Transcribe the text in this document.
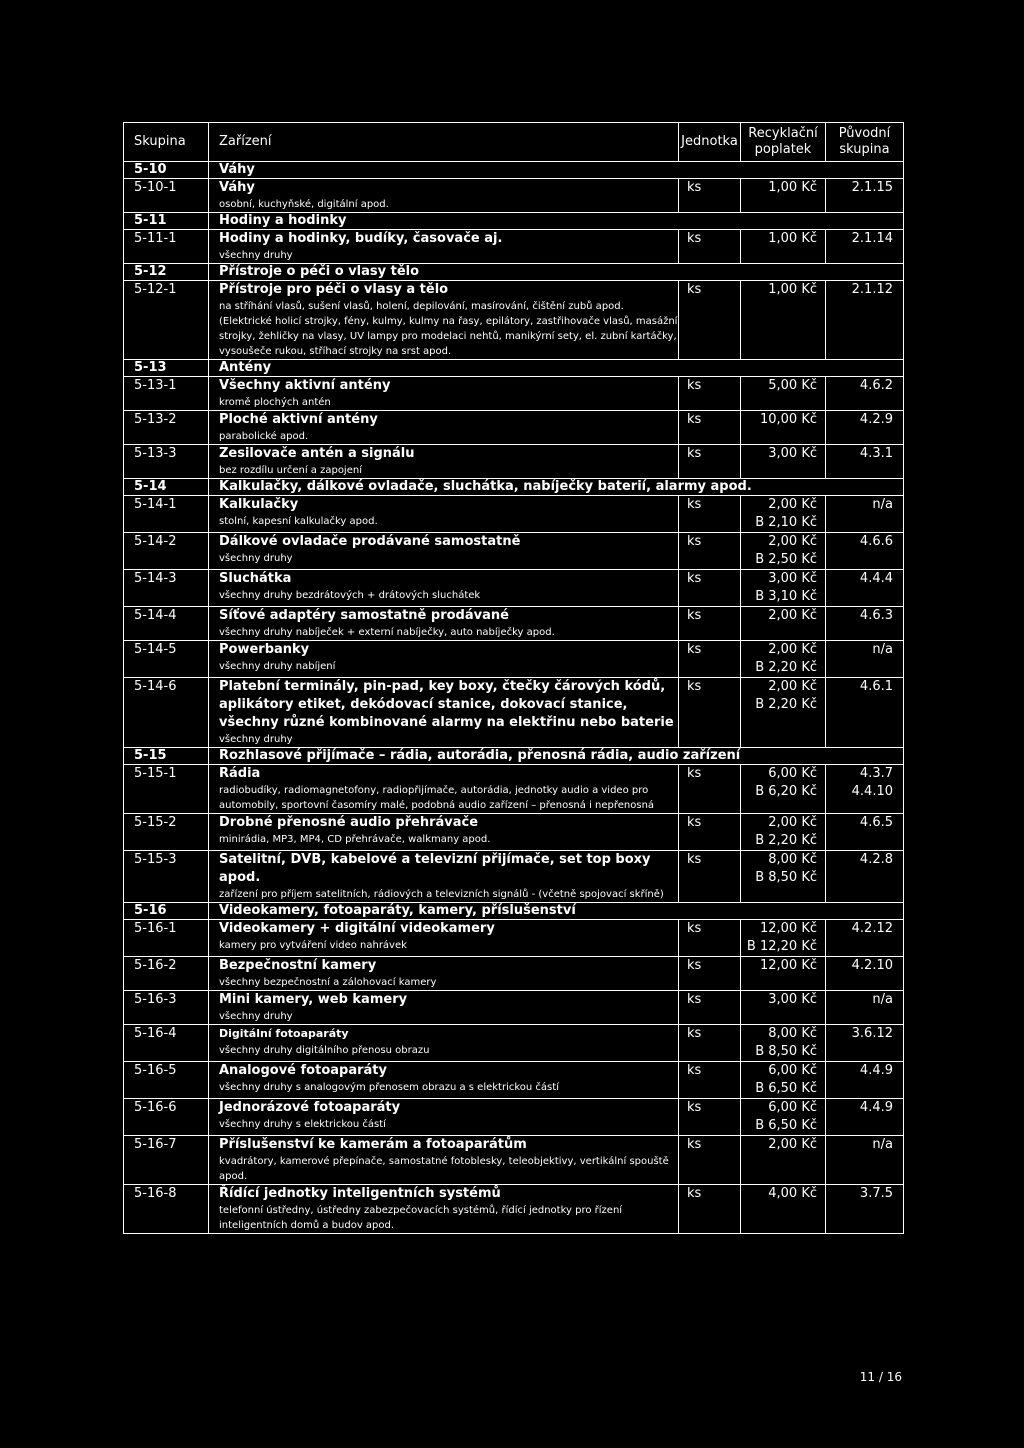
Skupina	Zařízení	Jednotka	Recyklační
poplatek	Původní
skupina

5-10	Váhy			
5-10-1	Váhy
osobní, kuchyňské, digitální apod.	ks	1,00 Kč	2.1.15

5-11	Hodiny a hodinky			
5-11-1	Hodiny a hodinky, budíky, časovače aj.
všechny druhy	ks	1,00 Kč	2.1.14

5-12	Přístroje o péči o vlasy tělo			
5-12-1	Přístroje pro péči o vlasy a tělo
na stříhání vlasů, sušení vlasů, holení, depilování, masírování, čištění zubů apod. (Elektrické holicí strojky, fény, kulmy, kulmy na řasy, epilátory, zastřihovače vlasů, masážní strojky, žehličky na vlasy, UV lampy pro modelaci nehtů, manikýrní sety, el. zubní kartáčky, vysoušeče rukou, stříhací strojky na srst apod.	ks	1,00 Kč	2.1.12

5-13	Antény			
5-13-1	Všechny aktivní antény
kromě plochých antén	ks	5,00 Kč	4.6.2

5-13-2	Ploché aktivní antény
parabolické apod.	ks	10,00 Kč	4.2.9

5-13-3	Zesilovače antén a signálu
bez rozdílu určení a zapojení	ks	3,00 Kč	4.3.1

5-14	Kalkulačky, dálkové ovladače, sluchátka, nabíječky baterií, alarmy apod.			
5-14-1	Kalkulačky
stolní, kapesní kalkulačky apod.	ks	2,00 Kč
B 2,10 Kč	n/a

5-14-2	Dálkové ovladače prodávané samostatně
všechny druhy	ks	2,00 Kč
B 2,50 Kč	4.6.6

5-14-3	Sluchátka
všechny druhy bezdrátových + drátových sluchátek	ks	3,00 Kč
B 3,10 Kč	4.4.4

5-14-4	Síťové adaptéry samostatně prodávané
všechny druhy nabíječek + externí nabíječky, auto nabíječky apod.	ks	2,00 Kč	4.6.3

5-14-5	Powerbanky
všechny druhy nabíjení	ks	2,00 Kč
B 2,20 Kč	n/a

5-14-6	Platební terminály, pin-pad, key boxy, čtečky čárových kódů, aplikátory etiket, dekódovací stanice, dokovací stanice, všechny různé kombinované alarmy na elektřinu nebo baterie
všechny druhy	ks	2,00 Kč
B 2,20 Kč	4.6.1

5-15	Rozhlasové přijímače – rádia, autorádia, přenosná rádia, audio zařízení			
5-15-1	Rádia
radiobudíky, radiomagnetofony, radiopřijímače, autorádia, jednotky audio a video pro automobily, sportovní časomíry malé, podobná audio zařízení – přenosná i nepřenosná	ks	6,00 Kč
B 6,20 Kč	4.3.7
4.4.10

5-15-2	Drobné přenosné audio přehrávače
minirádia, MP3, MP4, CD přehrávače, walkmany apod.	ks	2,00 Kč
B 2,20 Kč	4.6.5

5-15-3	Satelitní, DVB, kabelové a televizní přijímače, set top boxy apod.
zařízení pro příjem satelitních, rádiových a televizních signálů - (včetně spojovací skříně)	ks	8,00 Kč
B 8,50 Kč	4.2.8

5-16	Videokamery, fotoaparáty, kamery, příslušenství			
5-16-1	Videokamery + digitální videokamery
kamery pro vytváření video nahrávek	ks	12,00 Kč
B 12,20 Kč	4.2.12

5-16-2	Bezpečnostní kamery
všechny bezpečnostní a zálohovací kamery	ks	12,00 Kč	4.2.10

5-16-3	Mini kamery, web kamery
všechny druhy	ks	3,00 Kč	n/a

5-16-4	Digitální fotoaparáty
všechny druhy digitálního přenosu obrazu	ks	8,00 Kč
B 8,50 Kč	3.6.12

5-16-5	Analogové fotoaparáty
všechny druhy s analogovým přenosem obrazu a s elektrickou částí	ks	6,00 Kč
B 6,50 Kč	4.4.9

5-16-6	Jednorázové fotoaparáty
všechny druhy s elektrickou částí	ks	6,00 Kč
B 6,50 Kč	4.4.9

5-16-7	Příslušenství ke kamerám a fotoaparátům
kvadrátory, kamerové přepínače, samostatné fotoblesky, teleobjektivy, vertikální spouště apod.	ks	2,00 Kč	n/a

5-16-8	Řídící jednotky inteligentních systémů
telefonní ústředny, ústředny zabezpečovacích systémů, řídící jednotky pro řízení inteligentních domů a budov apod.	ks	4,00 Kč	3.7.5
11 / 16
